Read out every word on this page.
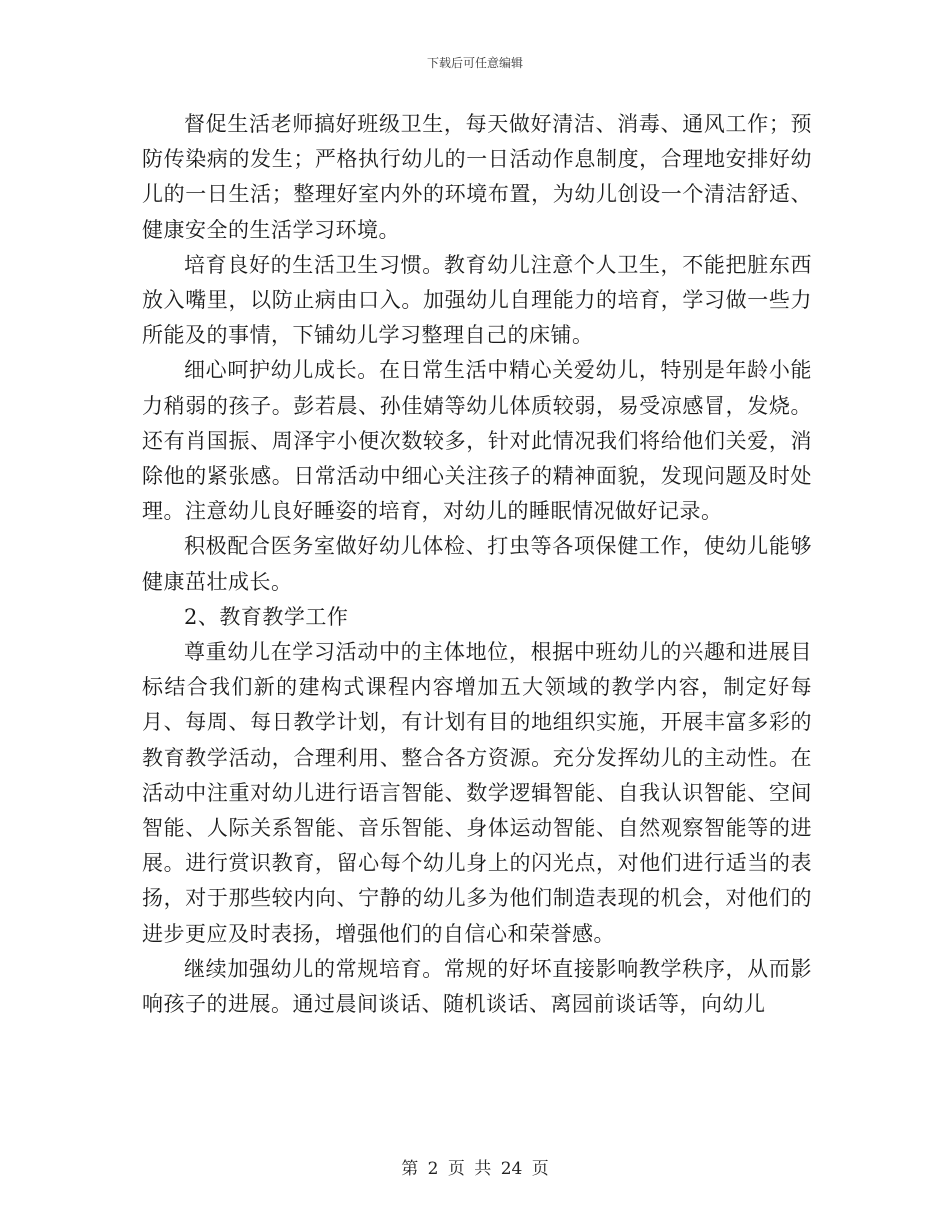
下载后可任意编辑

督促生活老师搞好班级卫生，每天做好清洁、消毒、通风工作；预防传染病的发生；严格执行幼儿的一日活动作息制度，合理地安排好幼儿的一日生活；整理好室内外的环境布置，为幼儿创设一个清洁舒适、健康安全的生活学习环境。

培育良好的生活卫生习惯。教育幼儿注意个人卫生，不能把脏东西放入嘴里，以防止病由口入。加强幼儿自理能力的培育，学习做一些力所能及的事情，下铺幼儿学习整理自己的床铺。

细心呵护幼儿成长。在日常生活中精心关爱幼儿，特别是年龄小能力稍弱的孩子。彭若晨、孙佳婧等幼儿体质较弱，易受凉感冒，发烧。还有肖国振、周泽宇小便次数较多，针对此情况我们将给他们关爱，消除他的紧张感。日常活动中细心关注孩子的精神面貌，发现问题及时处理。注意幼儿良好睡姿的培育，对幼儿的睡眠情况做好记录。

积极配合医务室做好幼儿体检、打虫等各项保健工作，使幼儿能够健康茁壮成长。

2、教育教学工作

尊重幼儿在学习活动中的主体地位，根据中班幼儿的兴趣和进展目标结合我们新的建构式课程内容增加五大领域的教学内容，制定好每月、每周、每日教学计划，有计划有目的地组织实施，开展丰富多彩的教育教学活动，合理利用、整合各方资源。充分发挥幼儿的主动性。在活动中注重对幼儿进行语言智能、数学逻辑智能、自我认识智能、空间智能、人际关系智能、音乐智能、身体运动智能、自然观察智能等的进展。进行赏识教育，留心每个幼儿身上的闪光点，对他们进行适当的表扬，对于那些较内向、宁静的幼儿多为他们制造表现的机会，对他们的进步更应及时表扬，增强他们的自信心和荣誉感。

继续加强幼儿的常规培育。常规的好坏直接影响教学秩序，从而影响孩子的进展。通过晨间谈话、随机谈话、离园前谈话等，向幼儿

第 2 页 共 24 页
